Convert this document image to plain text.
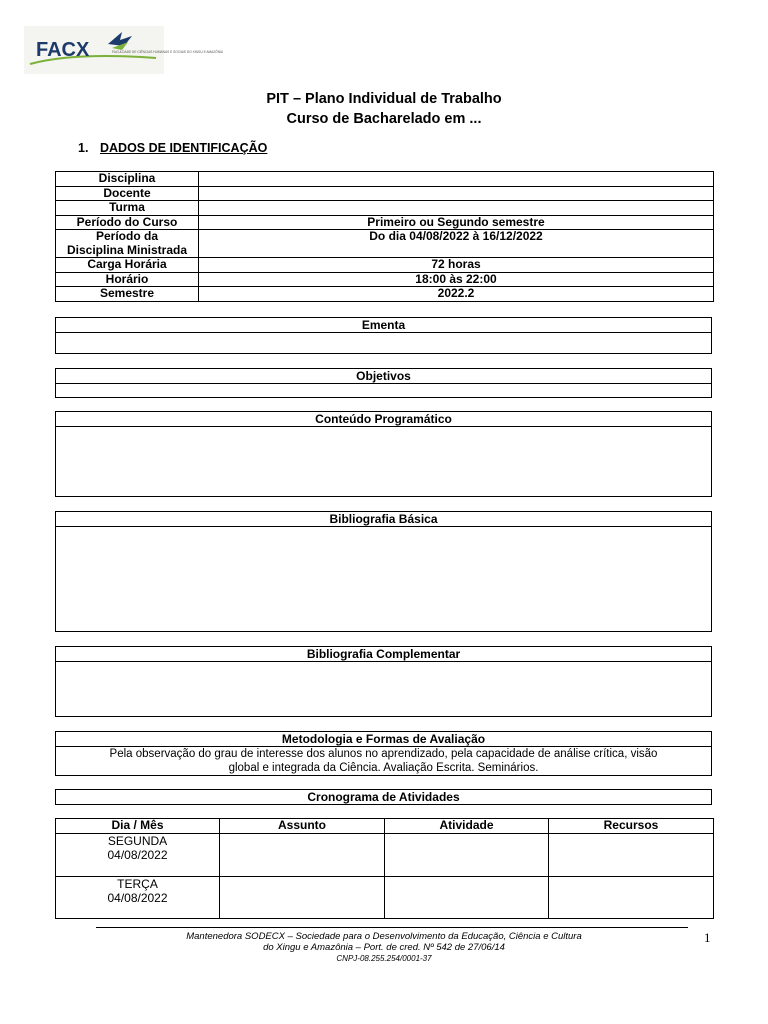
FACX	FACULDADE DE CIÊNCIAS HUMANAS E SOCIAIS DO XINGU E AMAZÔNIA
PIT – Plano Individual de Trabalho
Curso de Bacharelado em ...
1. DADOS DE IDENTIFICAÇÃO
Disciplina	
Docente	
Turma	
Período do Curso	Primeiro ou Segundo semestre
Período da
Disciplina Ministrada	Do dia 04/08/2022 à 16/12/2022
Carga Horária	72 horas
Horário	18:00 às 22:00
Semestre	2022.2
Ementa
Objetivos
Conteúdo Programático
Bibliografia Básica
Bibliografia Complementar
Metodologia e Formas de Avaliação
Pela observação do grau de interesse dos alunos no aprendizado, pela capacidade de análise crítica, visão
global e integrada da Ciência. Avaliação Escrita. Seminários.
Cronograma de Atividades
Dia / Mês	Assunto	Atividade	Recursos
SEGUNDA
04/08/2022			
TERÇA
04/08/2022			
Mantenedora SODECX – Sociedade para o Desenvolvimento da Educação, Ciência e Cultura
do Xingu e Amazônia – Port. de cred. Nº 542 de 27/06/14
CNPJ-08.255.254/0001-37
1
